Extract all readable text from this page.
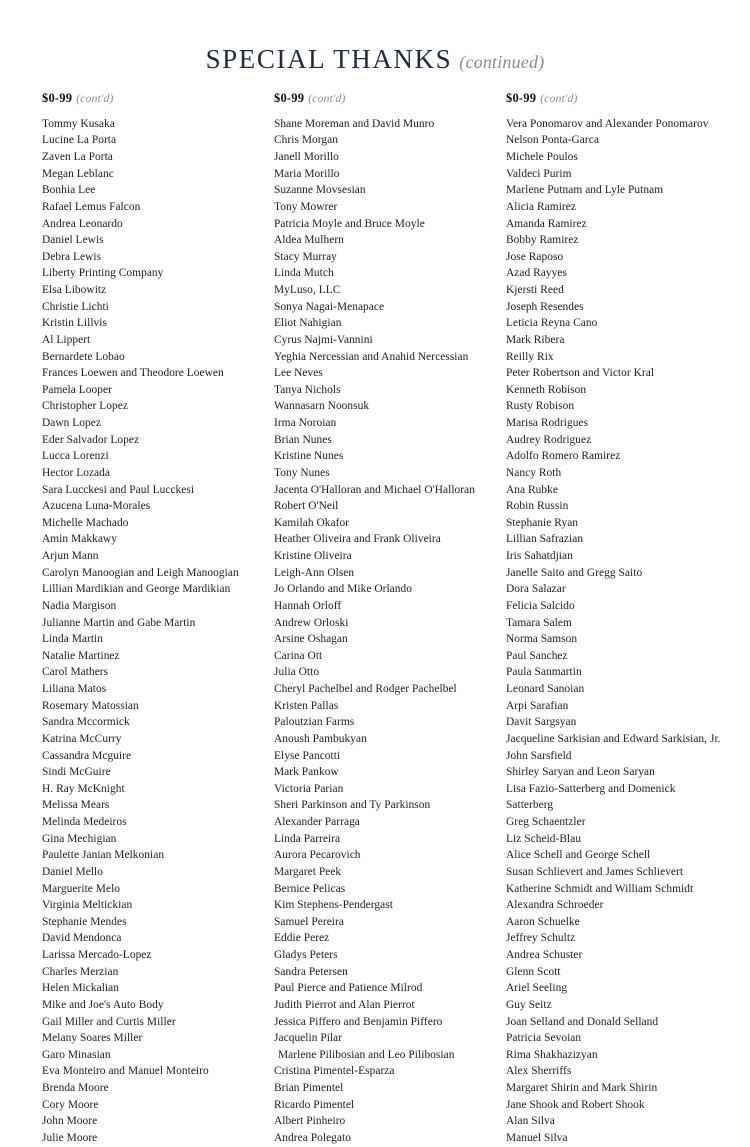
SPECIAL THANKS (continued)
$0-99 (cont'd)
Tommy Kusaka
Lucine La Porta
Zaven La Porta
Megan Leblanc
Bonhia Lee
Rafael Lemus Falcon
Andrea Leonardo
Daniel Lewis
Debra Lewis
Liberty Printing Company
Elsa Libowitz
Christie Lichti
Kristin Lillvis
Al Lippert
Bernardete Lobao
Frances Loewen and Theodore Loewen
Pamela Looper
Christopher Lopez
Dawn Lopez
Eder Salvador Lopez
Lucca Lorenzi
Hector Lozada
Sara Lucckesi and Paul Lucckesi
Azucena Luna-Morales
Michelle Machado
Amin Makkawy
Arjun Mann
Carolyn Manoogian and Leigh Manoogian
Lillian Mardikian and George Mardikian
Nadia Margison
Julianne Martin and Gabe Martin
Linda Martin
Natalie Martinez
Carol Mathers
Liliana Matos
Rosemary Matossian
Sandra Mccormick
Katrina McCurry
Cassandra Mcguire
Sindi McGuire
H. Ray McKnight
Melissa Mears
Melinda Medeiros
Gina Mechigian
Paulette Janian Melkonian
Daniel Mello
Marguerite Melo
Virginia Meltickian
Stephanie Mendes
David Mendonca
Larissa Mercado-Lopez
Charles Merzian
Helen Mickalian
Mike and Joe's Auto Body
Gail Miller and Curtis Miller
Melany Soares Miller
Garo Minasian
Eva Monteiro and Manuel Monteiro
Brenda Moore
Cory Moore
John Moore
Julie Moore
$0-99 (cont'd)
Shane Moreman and David Munro
Chris Morgan
Janell Morillo
Maria Morillo
Suzanne Movsesian
Tony Mowrer
Patricia Moyle and Bruce Moyle
Aldea Mulhern
Stacy Murray
Linda Mutch
MyLuso, LLC
Sonya Nagai-Menapace
Eliot Nahigian
Cyrus Najmi-Vannini
Yeghia Nercessian and Anahid Nercessian
Lee Neves
Tanya Nichols
Wannasarn Noonsuk
Irma Noroian
Brian Nunes
Kristine Nunes
Tony Nunes
Jacenta O'Halloran and Michael O'Halloran
Robert O'Neil
Kamilah Okafor
Heather Oliveira and Frank Oliveira
Kristine Oliveira
Leigh-Ann Olsen
Jo Orlando and Mike Orlando
Hannah Orloff
Andrew Orloski
Arsine Oshagan
Carina Ott
Julia Otto
Cheryl Pachelbel and Rodger Pachelbel
Kristen Pallas
Paloutzian Farms
Anoush Pambukyan
Elyse Pancotti
Mark Pankow
Victoria Parian
Sheri Parkinson and Ty Parkinson
Alexander Parraga
Linda Parreira
Aurora Pecarovich
Margaret Peek
Bernice Pelicas
Kim Stephens-Pendergast
Samuel Pereira
Eddie Perez
Gladys Peters
Sandra Petersen
Paul Pierce and Patience Milrod
Judith Pierrot and Alan Pierrot
Jessica Piffero and Benjamin Piffero
Jacquelin Pilar
Marlene Pilibosian and Leo Pilibosian
Cristina Pimentel-Esparza
Brian Pimentel
Ricardo Pimentel
Albert Pinheiro
Andrea Polegato
$0-99 (cont'd)
Vera Ponomarov and Alexander Ponomarov
Nelson Ponta-Garca
Michele Poulos
Valdeci Purim
Marlene Putnam and Lyle Putnam
Alicia Ramirez
Amanda Ramirez
Bobby Ramirez
Jose Raposo
Azad Rayyes
Kjersti Reed
Joseph Resendes
Leticia Reyna Cano
Mark Ribera
Reilly Rix
Peter Robertson and Victor Kral
Kenneth Robison
Rusty Robison
Marisa Rodrigues
Audrey Rodriguez
Adolfo Romero Ramirez
Nancy Roth
Ana Rubke
Robin Russin
Stephanie Ryan
Lillian Safrazian
Iris Sahatdjian
Janelle Saito and Gregg Saito
Dora Salazar
Felicia Salcido
Tamara Salem
Norma Samson
Paul Sanchez
Paula Sanmartin
Leonard Sanoian
Arpi Sarafian
Davit Sargsyan
Jacqueline Sarkisian and Edward Sarkisian, Jr.
John Sarsfield
Shirley Saryan and Leon Saryan
Lisa Fazio-Satterberg and Domenick
Satterberg
Greg Schaentzler
Liz Scheid-Blau
Alice Schell and George Schell
Susan Schlievert and James Schlievert
Katherine Schmidt and William Schmidt
Alexandra Schroeder
Aaron Schuelke
Jeffrey Schultz
Andrea Schuster
Glenn Scott
Ariel Seeling
Guy Seitz
Joan Selland and Donald Selland
Patricia Sevoian
Rima Shakhazizyan
Alex Sherriffs
Margaret Shirin and Mark Shirin
Jane Shook and Robert Shook
Alan Silva
Manuel Silva
